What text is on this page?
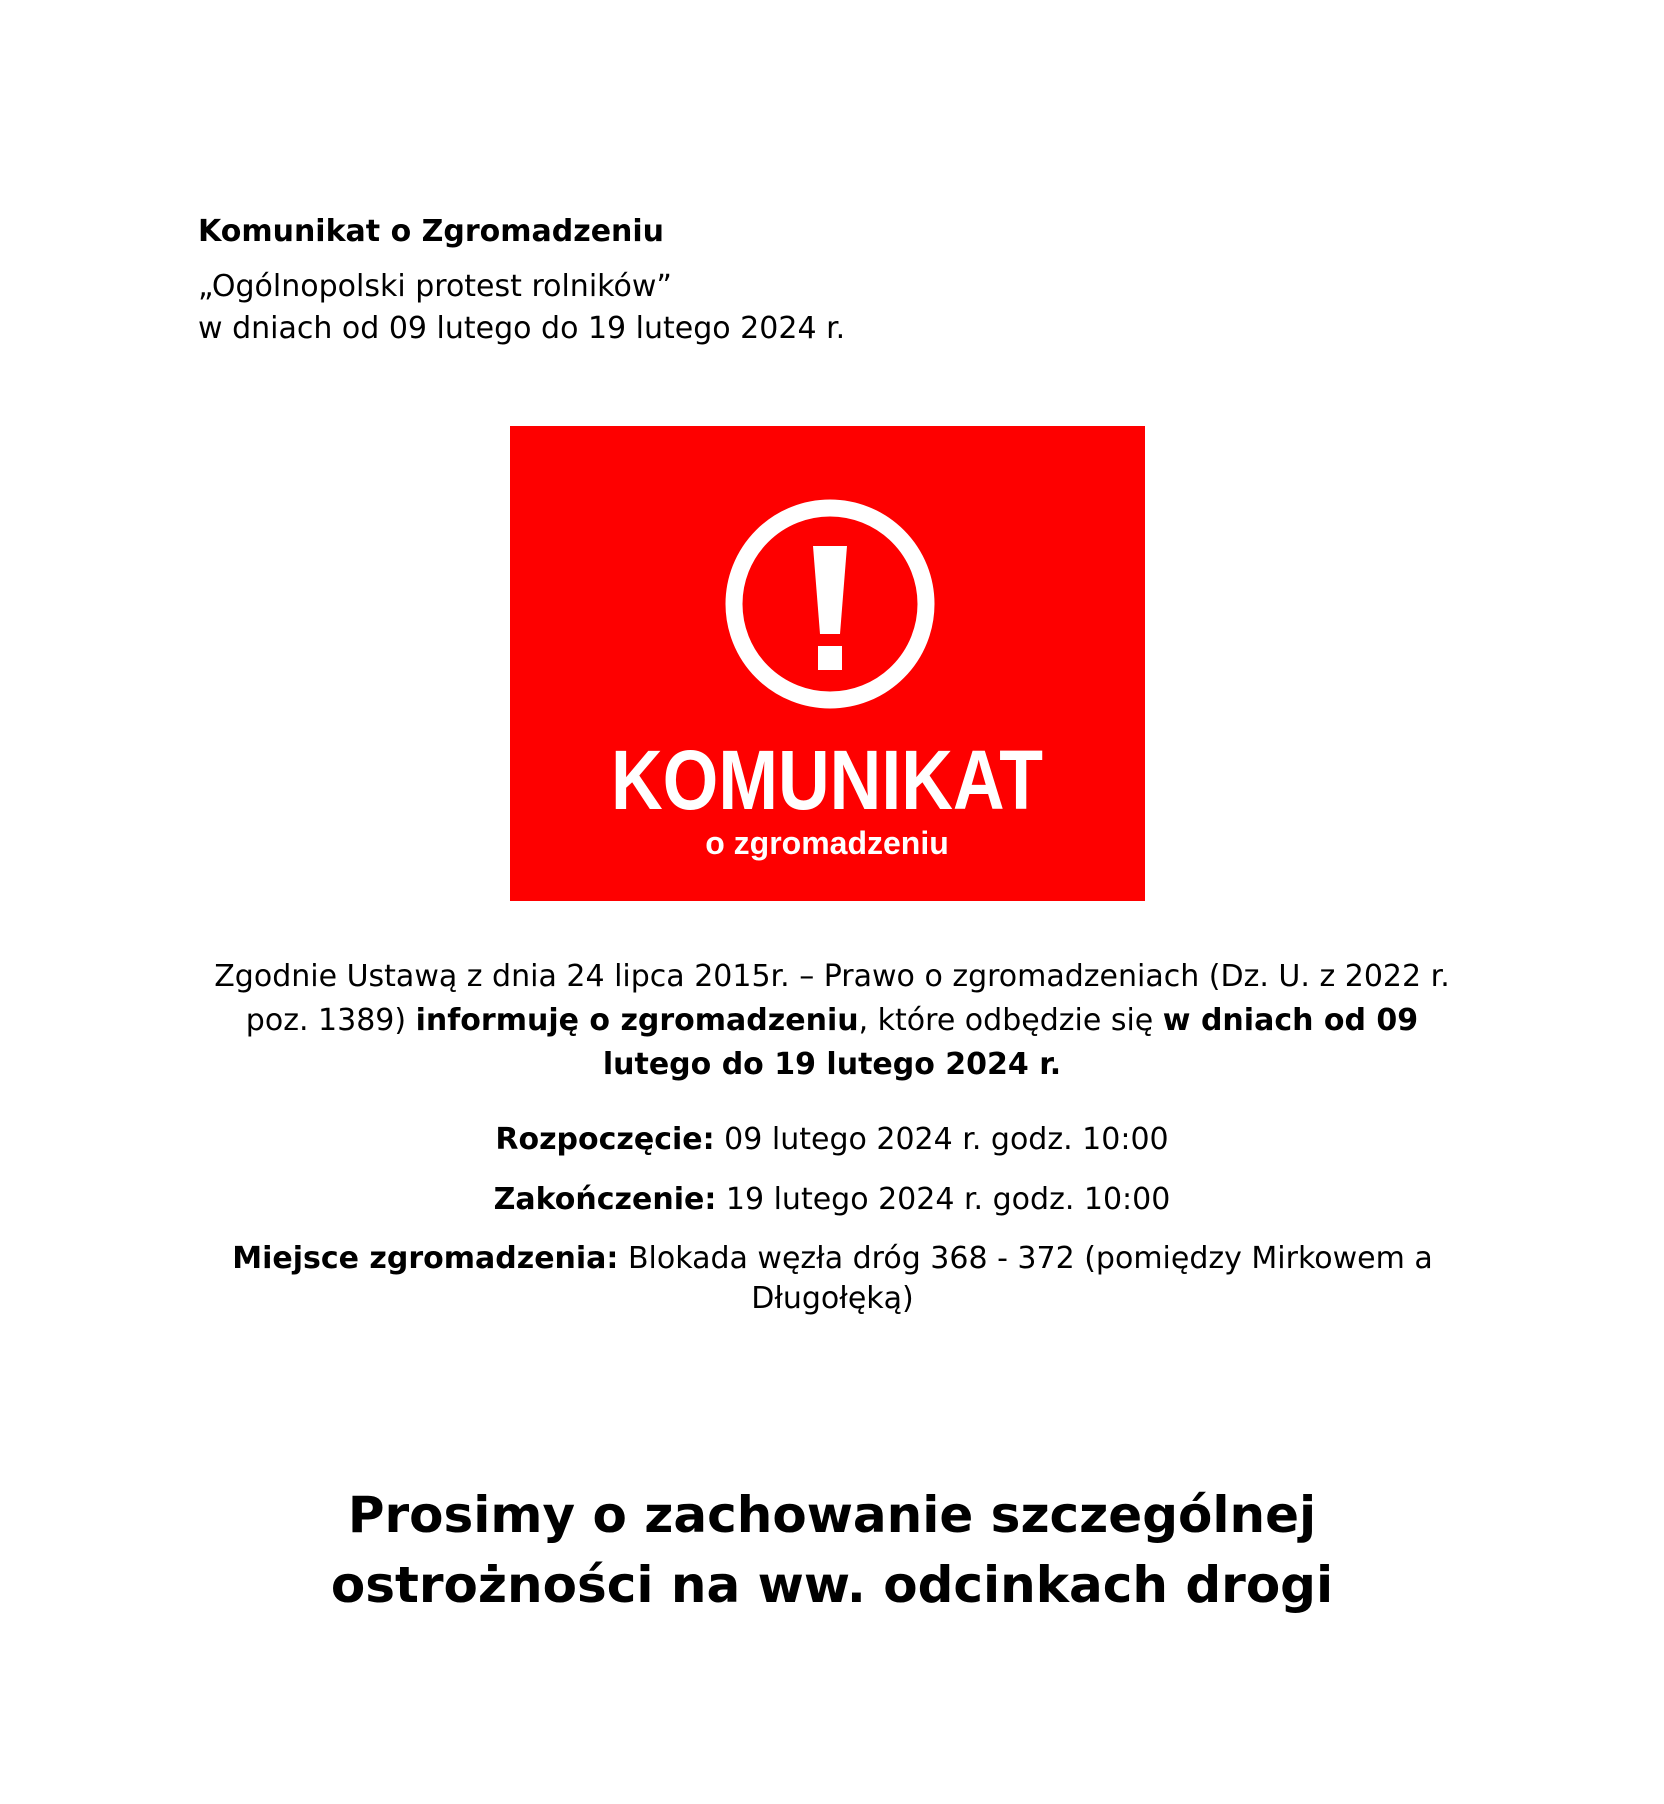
Komunikat o Zgromadzeniu

„Ogólnopolski protest rolników”

w dniach od 09 lutego do 19 lutego 2024 r.

KOMUNIKAT
o zgromadzeniu
Zgodnie Ustawą z dnia 24 lipca 2015r. – Prawo o zgromadzeniach (Dz. U. z 2022 r. poz. 1389) informuję o zgromadzeniu, które odbędzie się w dniach od 09 lutego do 19 lutego 2024 r.
Rozpoczęcie: 09 lutego 2024 r. godz. 10:00
Zakończenie: 19 lutego 2024 r. godz. 10:00
Miejsce zgromadzenia: Blokada węzła dróg 368 - 372 (pomiędzy Mirkowem a Długołęką)
Prosimy o zachowanie szczególnej
ostrożności na ww. odcinkach drogi
